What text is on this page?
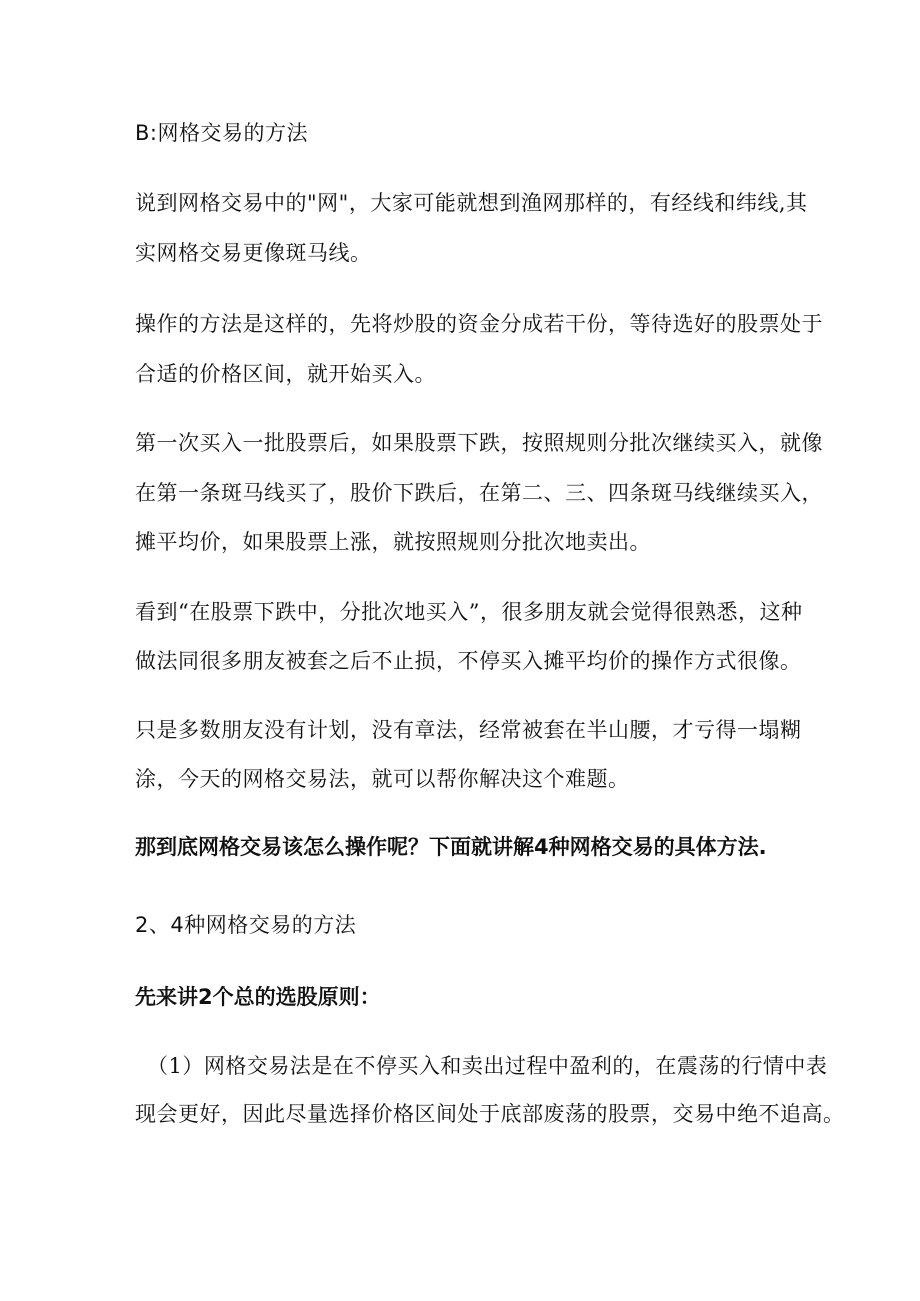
B:网格交易的方法
说到网格交易中的"网"，大家可能就想到渔网那样的，有经线和纬线,其
实网格交易更像斑马线。
操作的方法是这样的，先将炒股的资金分成若干份，等待选好的股票处于
合适的价格区间，就开始买入。
第一次买入一批股票后，如果股票下跌，按照规则分批次继续买入，就像
在第一条斑马线买了，股价下跌后，在第二、三、四条斑马线继续买入，
摊平均价，如果股票上涨，就按照规则分批次地卖出。
看到“在股票下跌中，分批次地买入”，很多朋友就会觉得很熟悉，这种
做法同很多朋友被套之后不止损，不停买入摊平均价的操作方式很像。
只是多数朋友没有计划，没有章法，经常被套在半山腰，才亏得一塌糊
涂，今天的网格交易法，就可以帮你解决这个难题。
那到底网格交易该怎么操作呢？下面就讲解4种网格交易的具体方法.
2、4种网格交易的方法
先来讲2个总的选股原则：
（1）网格交易法是在不停买入和卖出过程中盈利的，在震荡的行情中表
现会更好，因此尽量选择价格区间处于底部废荡的股票，交易中绝不追高。
